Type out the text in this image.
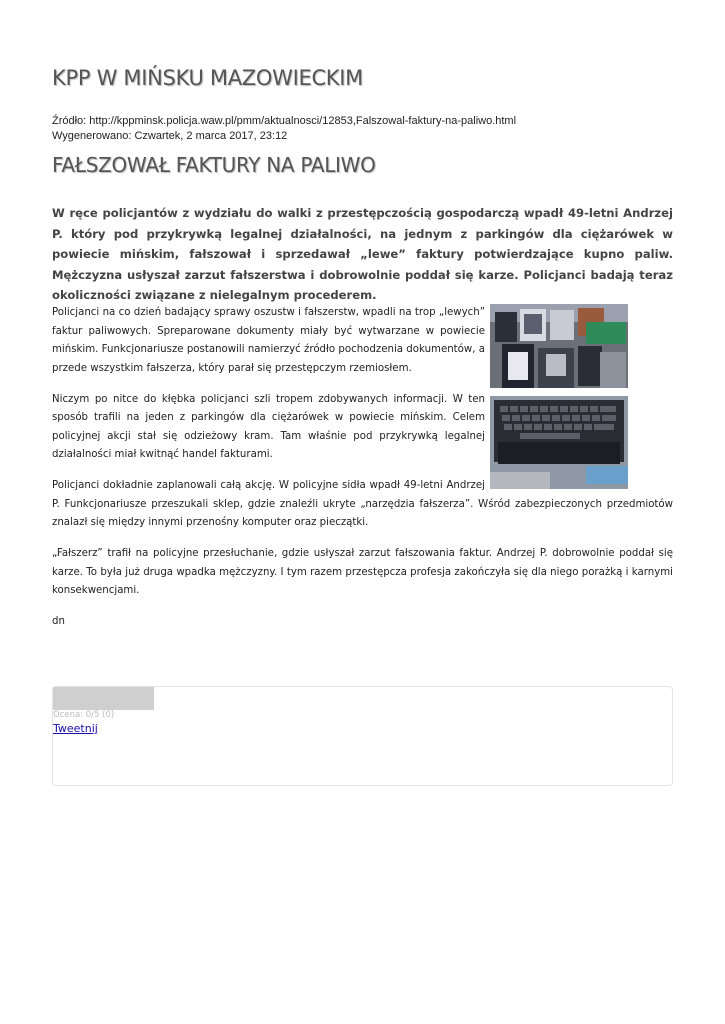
KPP W MIŃSKU MAZOWIECKIM
Źródło: http://kppminsk.policja.waw.pl/pmm/aktualnosci/12853,Falszowal-faktury-na-paliwo.html
Wygenerowano: Czwartek, 2 marca 2017, 23:12
FAŁSZOWAŁ FAKTURY NA PALIWO

W ręce policjantów z wydziału do walki z przestępczością gospodarczą wpadł 49-letni Andrzej P. który pod przykrywką legalnej działalności, na jednym z parkingów dla ciężarówek w powiecie mińskim, fałszował i sprzedawał „lewe” faktury potwierdzające kupno paliw. Mężczyzna usłyszał zarzut fałszerstwa i dobrowolnie poddał się karze. Policjanci badają teraz okoliczności związane z nielegalnym procederem.

Policjanci na co dzień badający sprawy oszustw i fałszerstw, wpadli na trop „lewych” faktur paliwowych. Spreparowane dokumenty miały być wytwarzane w powiecie mińskim. Funkcjonariusze postanowili namierzyć źródło pochodzenia dokumentów, a przede wszystkim fałszerza, który parał się przestępczym rzemiosłem.

Niczym po nitce do kłębka policjanci szli tropem zdobywanych informacji. W ten sposób trafili na jeden z parkingów dla ciężarówek w powiecie mińskim. Celem policyjnej akcji stał się odzieżowy kram. Tam właśnie pod przykrywką legalnej działalności miał kwitnąć handel fakturami.

Policjanci dokładnie zaplanowali całą akcję. W policyjne sidła wpadł 49-letni Andrzej P. Funkcjonariusze przeszukali sklep, gdzie znaleźli ukryte „narzędzia fałszerza”. Wśród zabezpieczonych przedmiotów znalazł się między innymi przenośny komputer oraz pieczątki.

„Fałszerz” trafił na policyjne przesłuchanie, gdzie usłyszał zarzut fałszowania faktur. Andrzej P. dobrowolnie poddał się karze. To była już druga wpadka mężczyzny. I tym razem przestępcza profesja zakończyła się dla niego porażką i karnymi konsekwencjami.

dn

Ocena: 0/5 (0)
Tweetnij
